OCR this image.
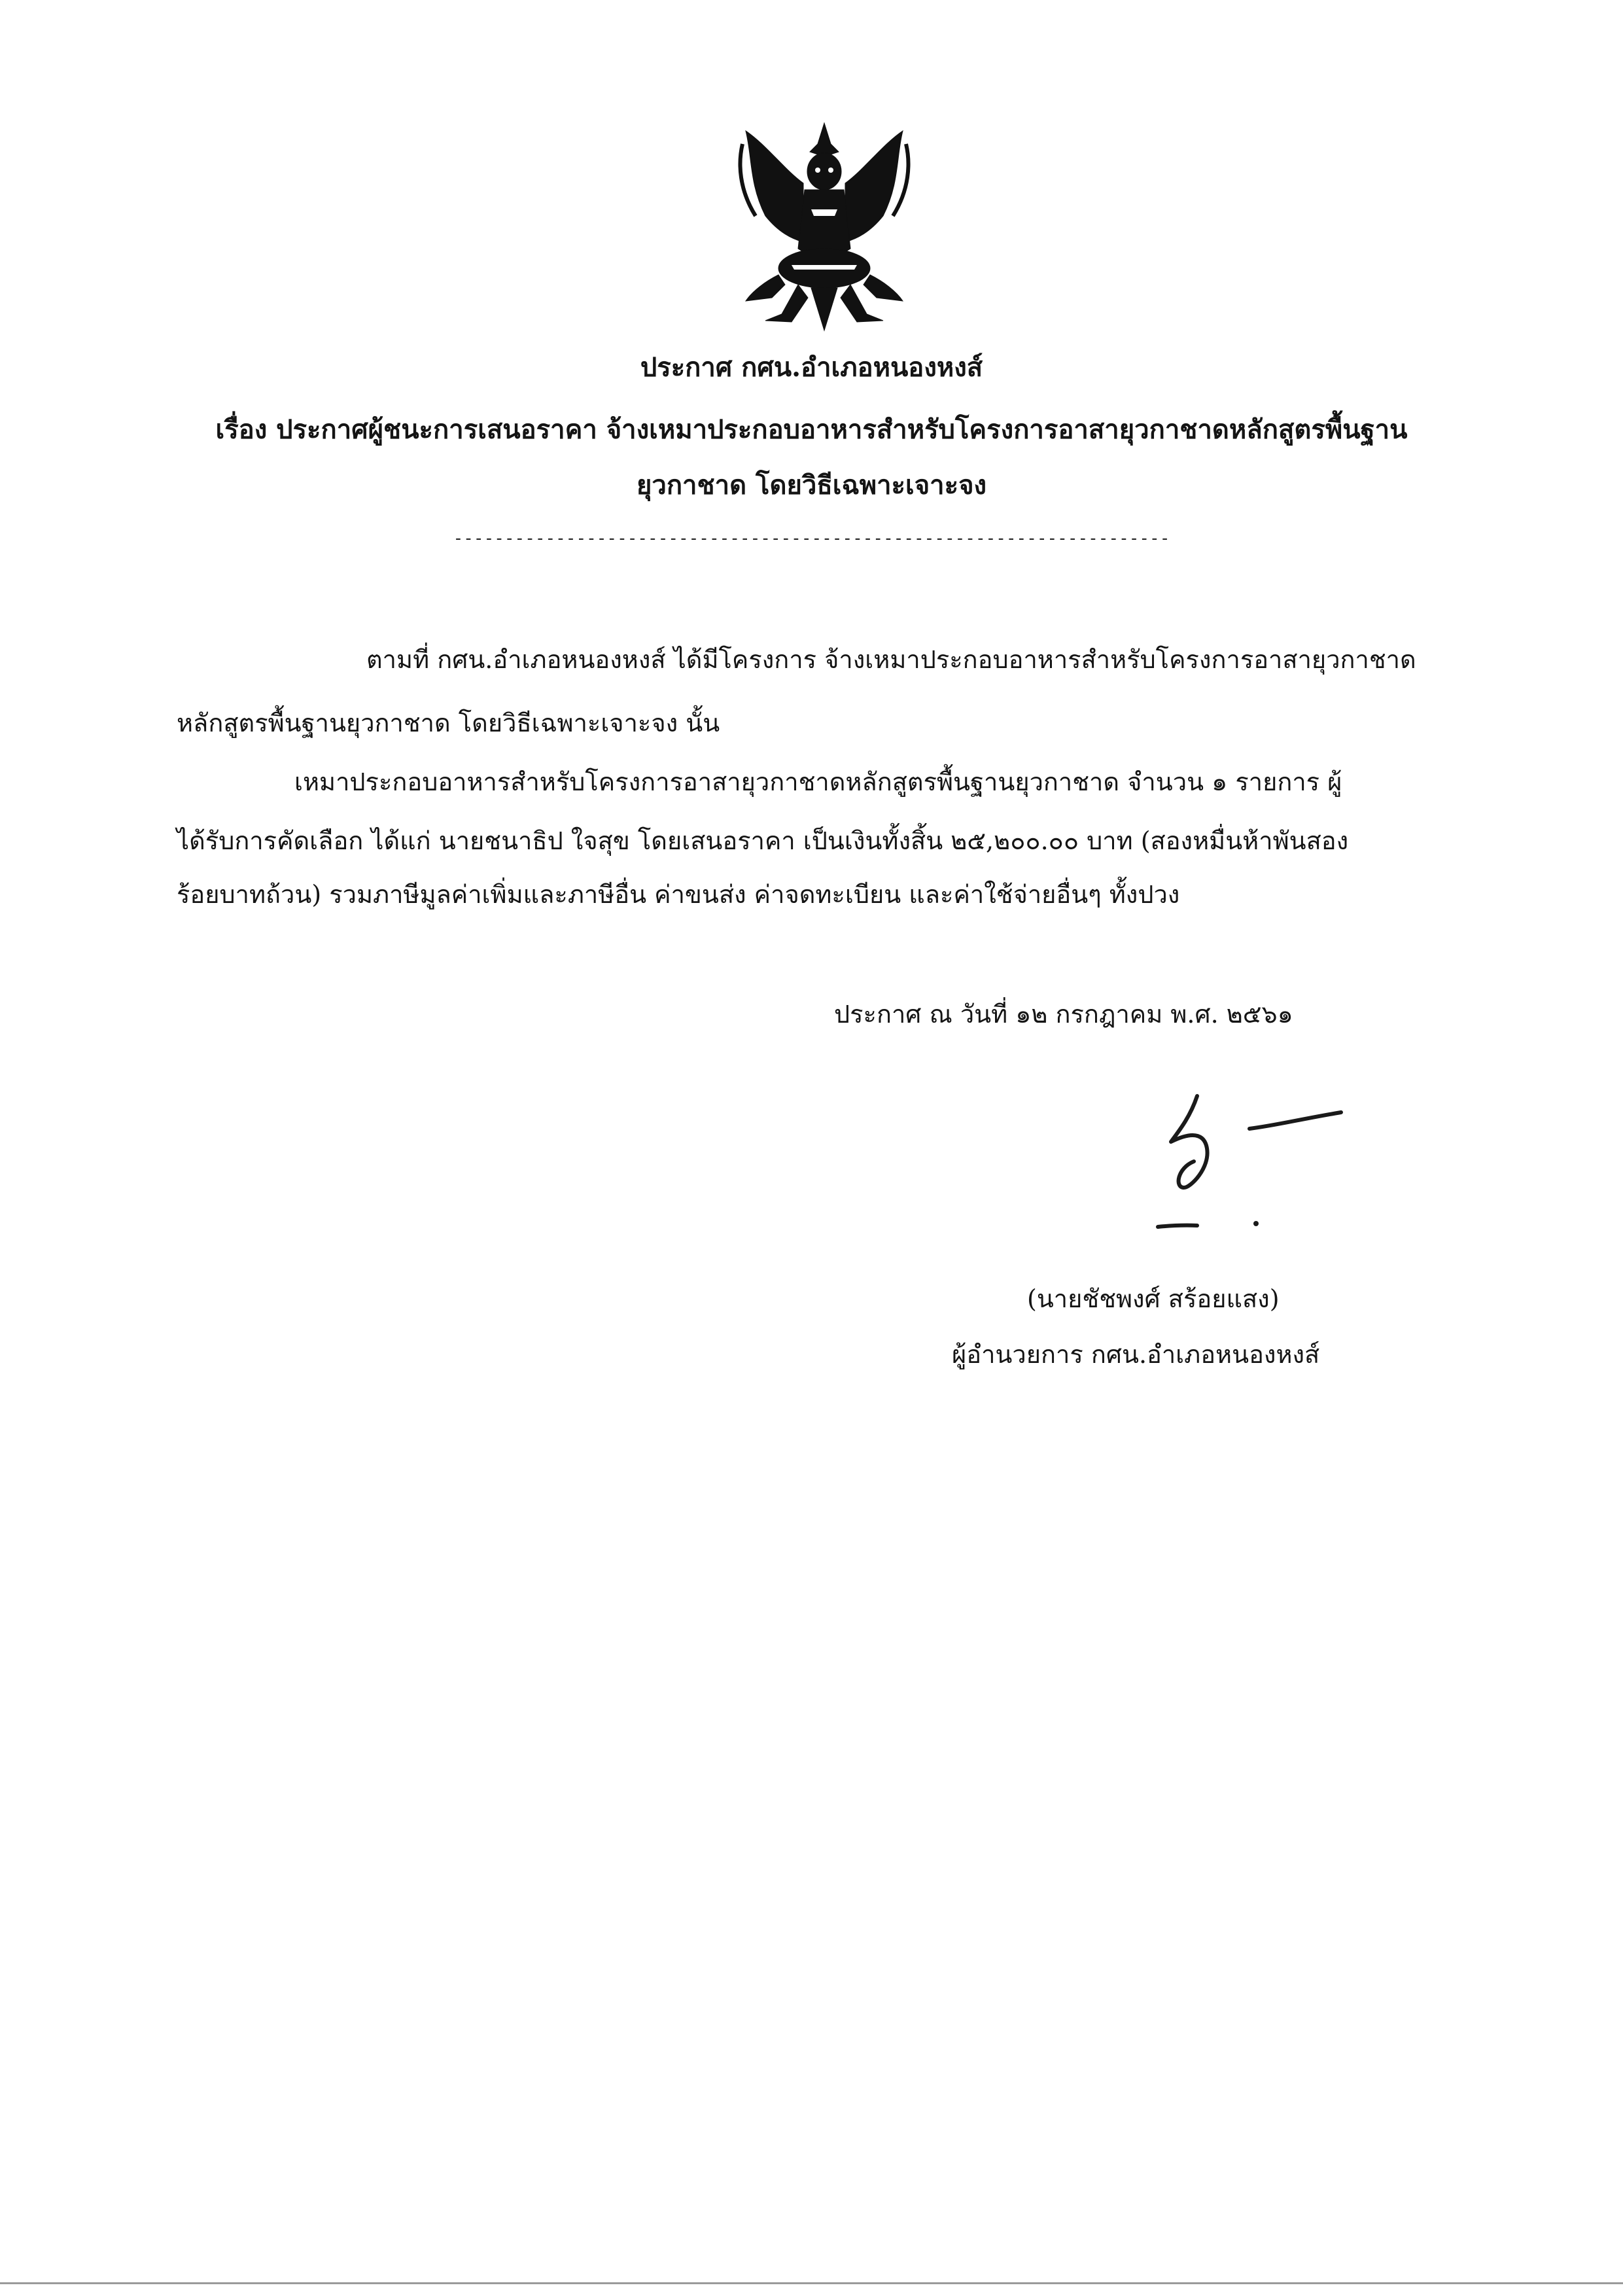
ประกาศ กศน.อำเภอหนองหงส์
เรื่อง ประกาศผู้ชนะการเสนอราคา จ้างเหมาประกอบอาหารสำหรับโครงการอาสายุวกาชาดหลักสูตรพื้นฐาน
ยุวกาชาด โดยวิธีเฉพาะเจาะจง
----------------------------------------------------------------------
ตามที่ กศน.อำเภอหนองหงส์ ได้มีโครงการ จ้างเหมาประกอบอาหารสำหรับโครงการอาสายุวกาชาด
หลักสูตรพื้นฐานยุวกาชาด โดยวิธีเฉพาะเจาะจง นั้น
เหมาประกอบอาหารสำหรับโครงการอาสายุวกาชาดหลักสูตรพื้นฐานยุวกาชาด จำนวน ๑ รายการ ผู้
ได้รับการคัดเลือก ได้แก่ นายชนาธิป ใจสุข โดยเสนอราคา เป็นเงินทั้งสิ้น ๒๕,๒๐๐.๐๐ บาท (สองหมื่นห้าพันสอง
ร้อยบาทถ้วน) รวมภาษีมูลค่าเพิ่มและภาษีอื่น ค่าขนส่ง ค่าจดทะเบียน และค่าใช้จ่ายอื่นๆ ทั้งปวง
ประกาศ ณ วันที่ ๑๒ กรกฎาคม พ.ศ. ๒๕๖๑
(นายชัชพงศ์ สร้อยแสง)
ผู้อำนวยการ กศน.อำเภอหนองหงส์
